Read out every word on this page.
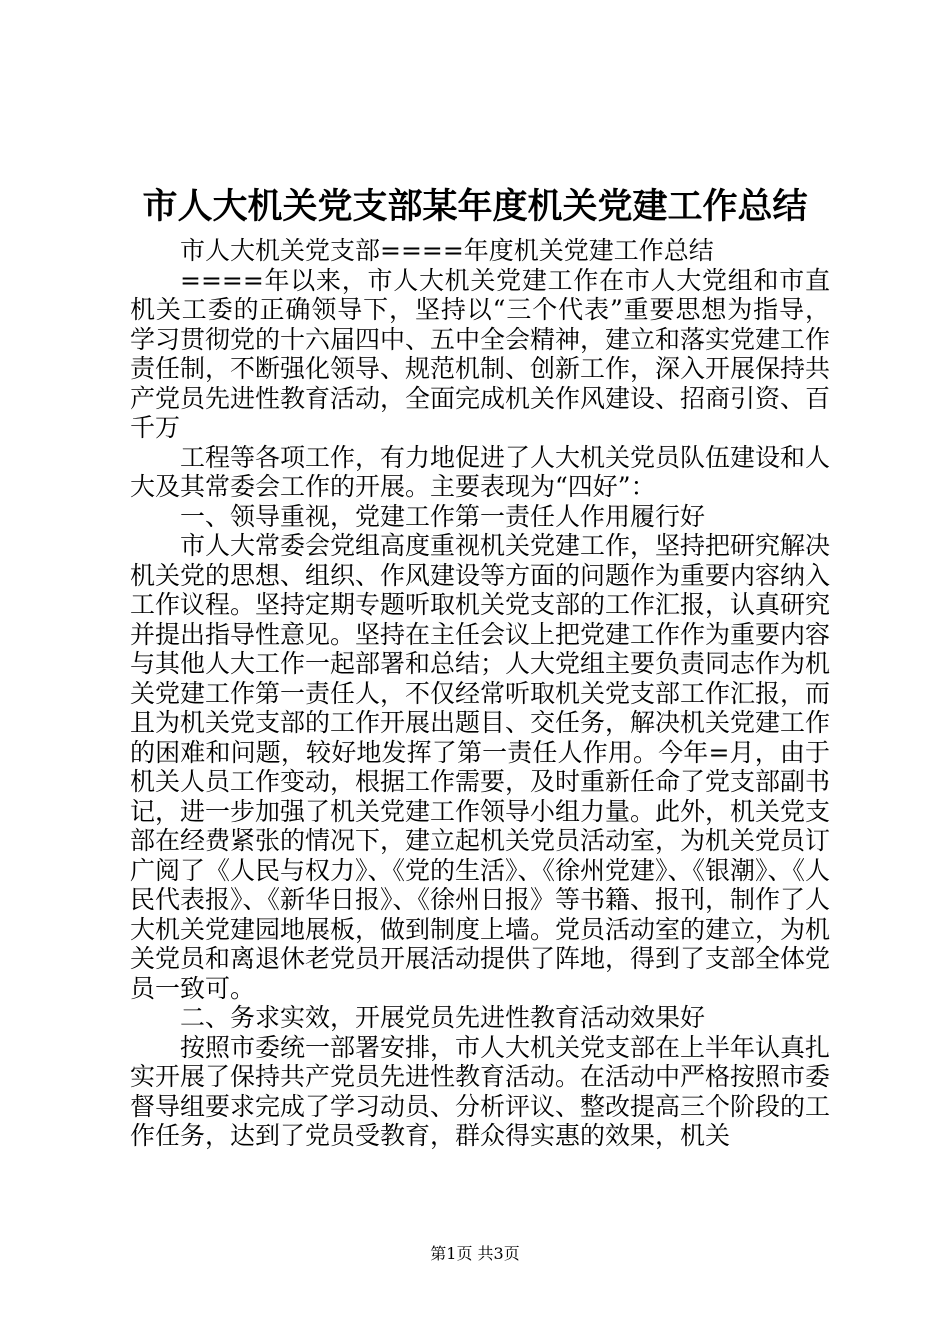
市人大机关党支部某年度机关党建工作总结

市人大机关党支部====年度机关党建工作总结

====年以来，市人大机关党建工作在市人大党组和市直机关工委的正确领导下，坚持以“三个代表”重要思想为指导，学习贯彻党的十六届四中、五中全会精神，建立和落实党建工作责任制，不断强化领导、规范机制、创新工作，深入开展保持共产党员先进性教育活动，全面完成机关作风建设、招商引资、百千万

工程等各项工作，有力地促进了人大机关党员队伍建设和人大及其常委会工作的开展。主要表现为“四好”：

一、领导重视，党建工作第一责任人作用履行好

市人大常委会党组高度重视机关党建工作，坚持把研究解决机关党的思想、组织、作风建设等方面的问题作为重要内容纳入工作议程。坚持定期专题听取机关党支部的工作汇报，认真研究并提出指导性意见。坚持在主任会议上把党建工作作为重要内容与其他人大工作一起部署和总结；人大党组主要负责同志作为机关党建工作第一责任人，不仅经常听取机关党支部工作汇报，而且为机关党支部的工作开展出题目、交任务，解决机关党建工作的困难和问题，较好地发挥了第一责任人作用。今年=月，由于机关人员工作变动，根据工作需要，及时重新任命了党支部副书记，进一步加强了机关党建工作领导小组力量。此外，机关党支部在经费紧张的情况下，建立起机关党员活动室，为机关党员订广阅了《人民与权力》、《党的生活》、《徐州党建》、《银潮》、《人民代表报》、《新华日报》、《徐州日报》等书籍、报刊，制作了人大机关党建园地展板，做到制度上墙。党员活动室的建立，为机关党员和离退休老党员开展活动提供了阵地，得到了支部全体党员一致可。

二、务求实效，开展党员先进性教育活动效果好

按照市委统一部署安排，市人大机关党支部在上半年认真扎实开展了保持共产党员先进性教育活动。在活动中严格按照市委督导组要求完成了学习动员、分析评议、整改提高三个阶段的工作任务，达到了党员受教育，群众得实惠的效果，机关

第1页 共3页
